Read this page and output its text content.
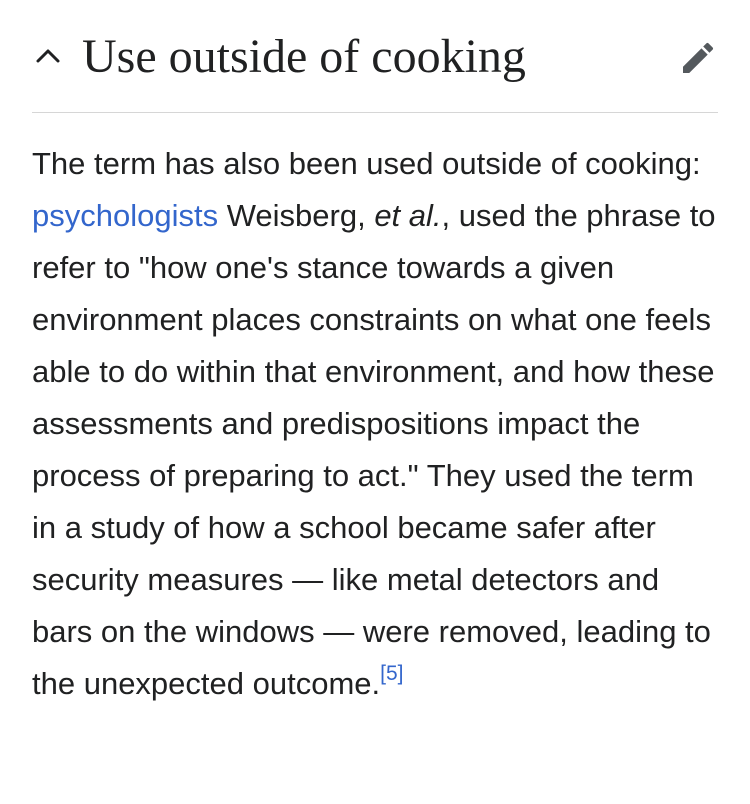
Use outside of cooking

The term has also been used outside of cooking: psychologists Weisberg, et al., used the phrase to refer to "how one's stance towards a given environment places constraints on what one feels able to do within that environment, and how these assessments and predispositions impact the process of preparing to act." They used the term in a study of how a school became safer after security measures — like metal detectors and bars on the windows — were removed, leading to the unexpected outcome.[5]
